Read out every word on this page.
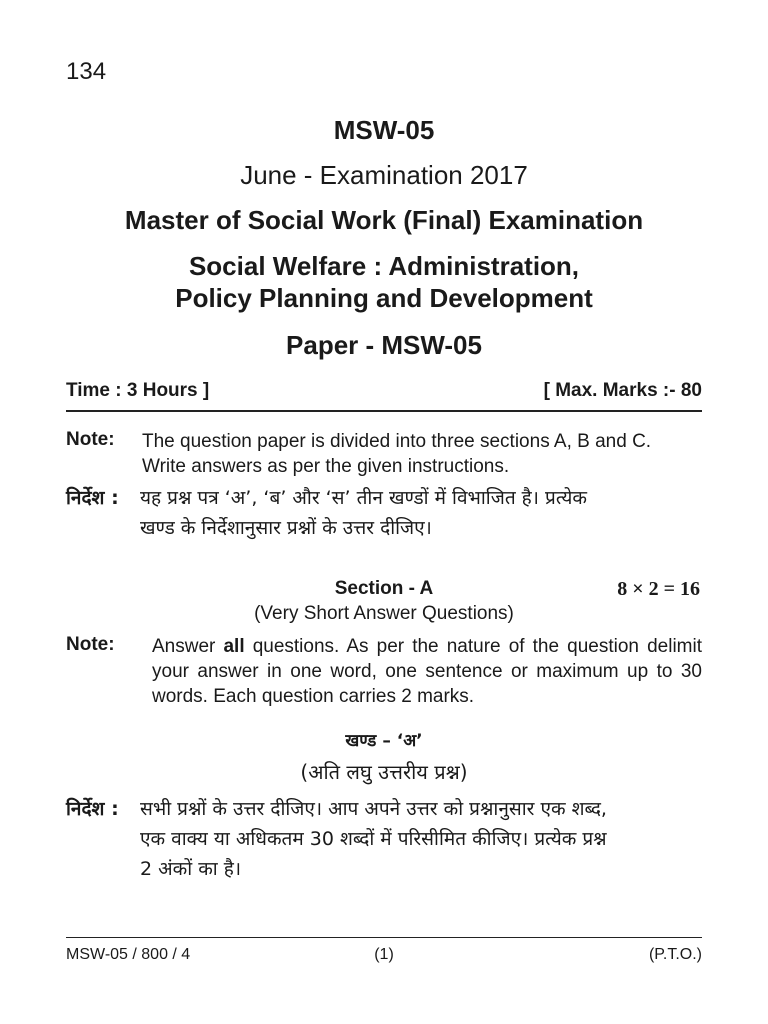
134
MSW-05
June - Examination 2017
Master of Social Work (Final) Examination
Social Welfare : Administration,
Policy Planning and Development
Paper - MSW-05
Time : 3 Hours ]	[ Max. Marks :- 80
Note: The question paper is divided into three sections A, B and C.
Write answers as per the given instructions.
निर्देश : यह प्रश्न पत्र ‘अ’, ‘ब’ और ‘स’ तीन खण्डों में विभाजित है। प्रत्येक
खण्ड के निर्देशानुसार प्रश्नों के उत्तर दीजिए।
Section - A	8 × 2 = 16
(Very Short Answer Questions)
Note: Answer all questions. As per the nature of the question delimit your answer in one word, one sentence or maximum up to 30 words. Each question carries 2 marks.
खण्ड – ‘अ’
(अति लघु उत्तरीय प्रश्न)
निर्देश : सभी प्रश्नों के उत्तर दीजिए। आप अपने उत्तर को प्रश्नानुसार एक शब्द,
एक वाक्य या अधिकतम 30 शब्दों में परिसीमित कीजिए। प्रत्येक प्रश्न
2 अंकों का है।
MSW-05 / 800 / 4	(1)	(P.T.O.)
